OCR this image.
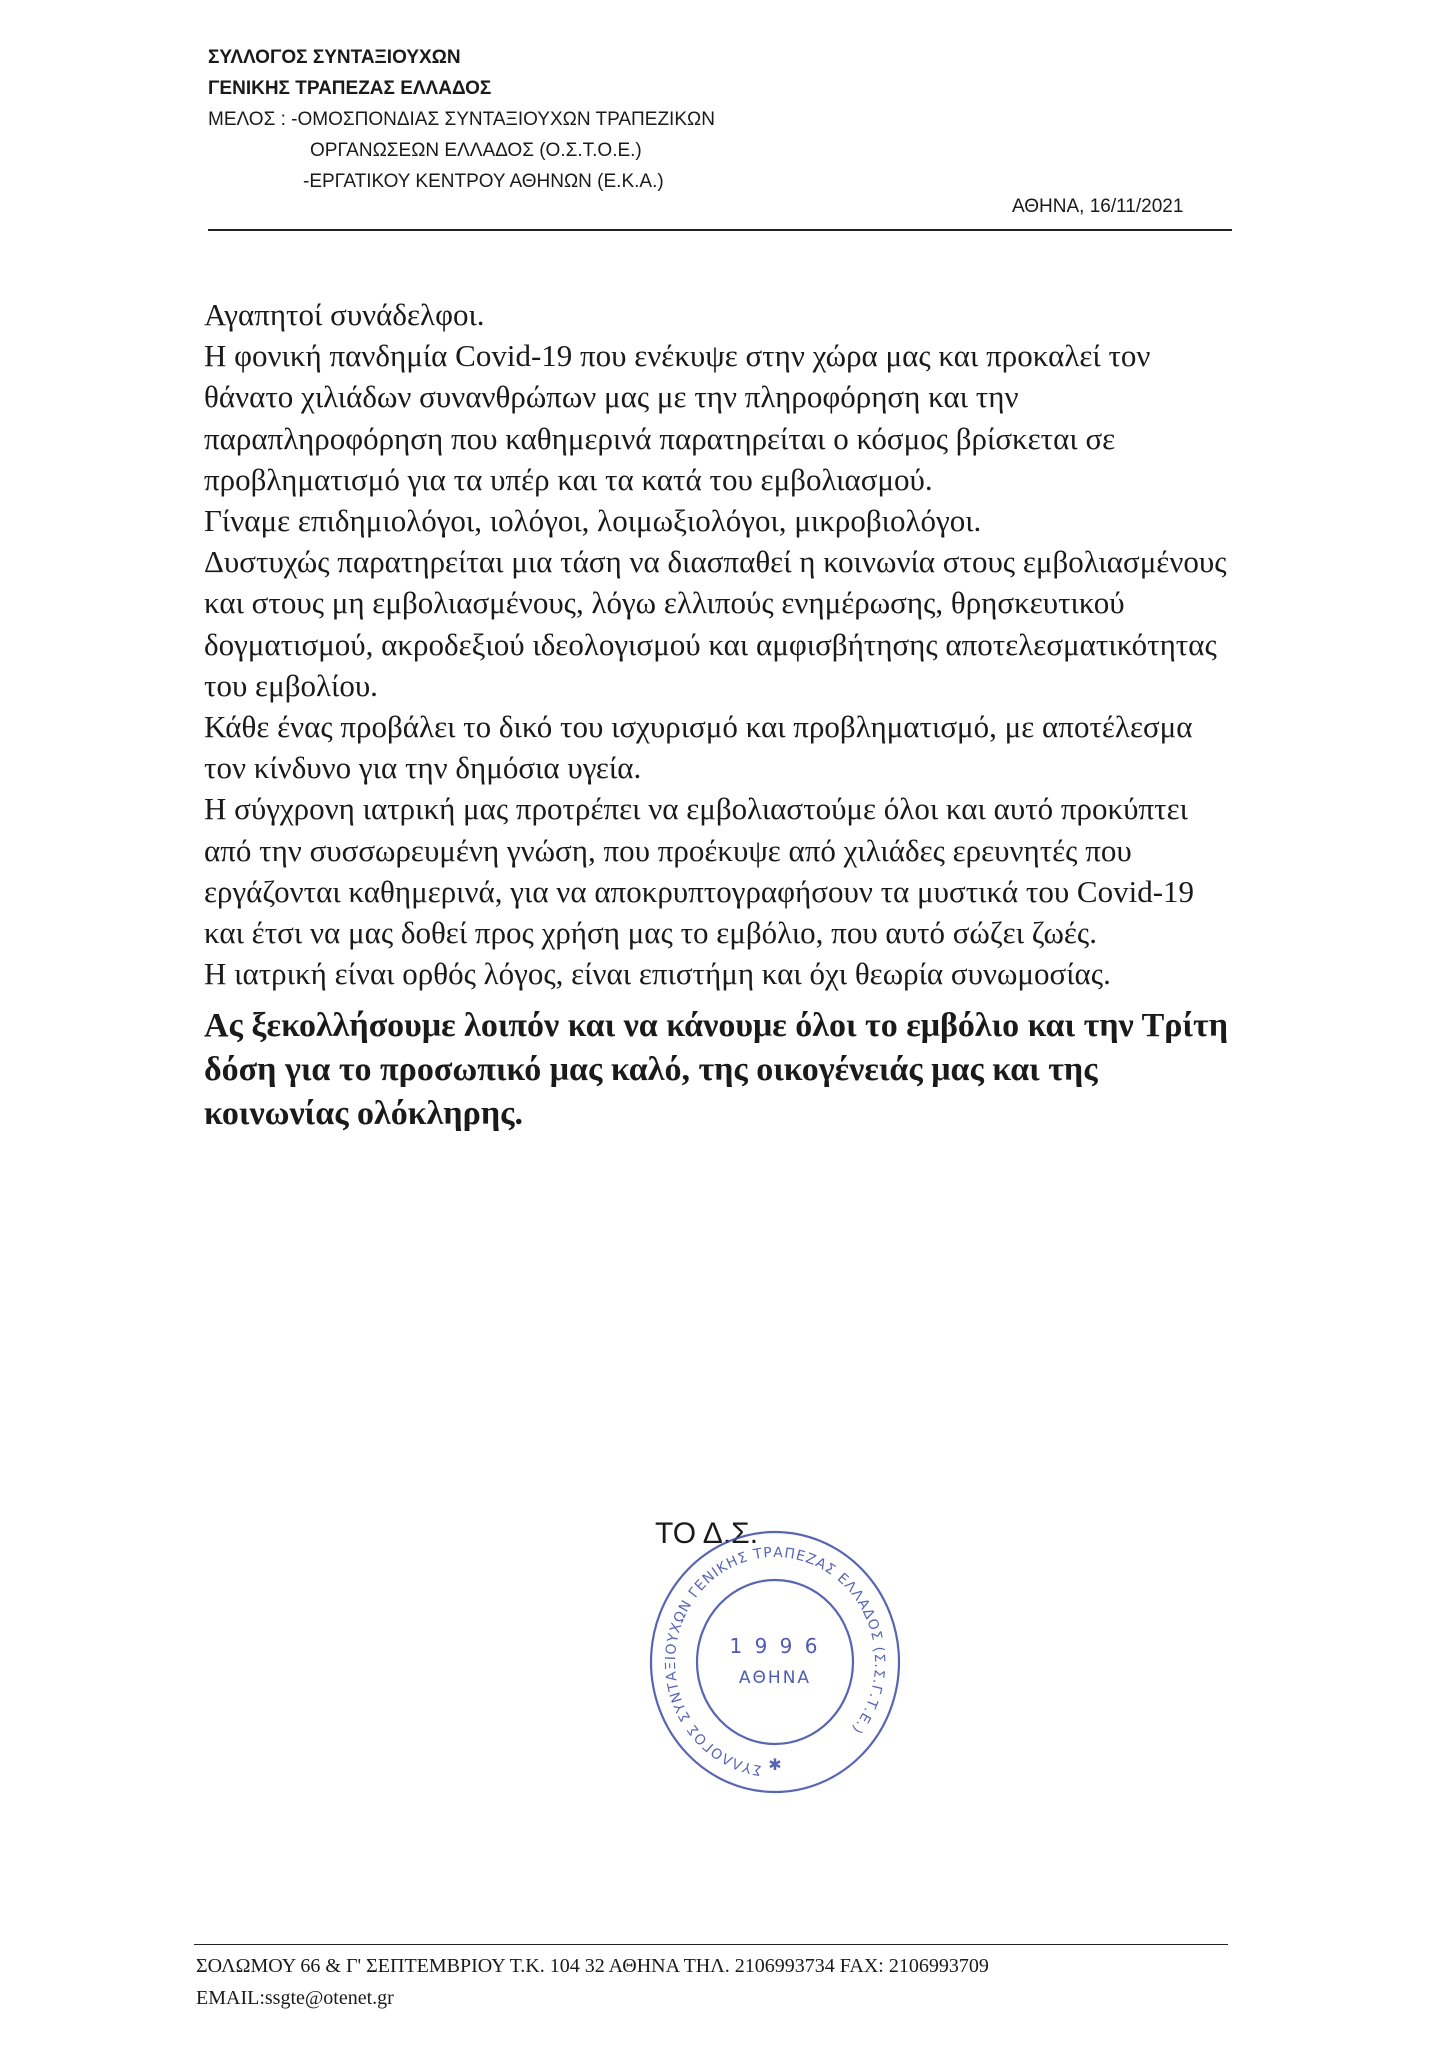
ΣΥΛΛΟΓΟΣ ΣΥΝΤΑΞΙΟΥΧΩΝ
ΓΕΝΙΚΗΣ ΤΡΑΠΕΖΑΣ ΕΛΛΑΔΟΣ
ΜΕΛΟΣ : -ΟΜΟΣΠΟΝΔΙΑΣ ΣΥΝΤΑΞΙΟΥΧΩΝ ΤΡΑΠΕΖΙΚΩΝ
ΟΡΓΑΝΩΣΕΩΝ ΕΛΛΑΔΟΣ (Ο.Σ.Τ.Ο.Ε.)
-ΕΡΓΑΤΙΚΟΥ ΚΕΝΤΡΟΥ ΑΘΗΝΩΝ (Ε.Κ.Α.)
ΑΘΗΝΑ, 16/11/2021

Αγαπητοί συνάδελφοι.

Η φονική πανδημία Covid-19 που ενέκυψε στην χώρα μας και προκαλεί τον θάνατο χιλιάδων συνανθρώπων μας με την πληροφόρηση και την παραπληροφόρηση που καθημερινά παρατηρείται ο κόσμος βρίσκεται σε προβληματισμό για τα υπέρ και τα κατά του εμβολιασμού.

Γίναμε επιδημιολόγοι, ιολόγοι, λοιμωξιολόγοι, μικροβιολόγοι.

Δυστυχώς παρατηρείται μια τάση να διασπαθεί η κοινωνία στους εμβολιασμένους και στους μη εμβολιασμένους, λόγω ελλιπούς ενημέρωσης, θρησκευτικού δογματισμού, ακροδεξιού ιδεολογισμού και αμφισβήτησης αποτελεσματικότητας του εμβολίου.

Κάθε ένας προβάλει το δικό του ισχυρισμό και προβληματισμό, με αποτέλεσμα τον κίνδυνο για την δημόσια υγεία.

Η σύγχρονη ιατρική μας προτρέπει να εμβολιαστούμε όλοι και αυτό προκύπτει από την συσσωρευμένη γνώση, που προέκυψε από χιλιάδες ερευνητές που εργάζονται καθημερινά, για να αποκρυπτογραφήσουν τα μυστικά του Covid-19 και έτσι να μας δοθεί προς χρήση μας το εμβόλιο, που αυτό σώζει ζωές.

Η ιατρική είναι ορθός λόγος, είναι επιστήμη και όχι θεωρία συνωμοσίας.

Ας ξεκολλήσουμε λοιπόν και να κάνουμε όλοι το εμβόλιο και την Τρίτη δόση για το προσωπικό μας καλό, της οικογένειάς μας και της κοινωνίας ολόκληρης.

ΤΟ Δ.Σ.
ΣΥΛΛΟΓΟΣ ΣΥΝΤΑΞΙΟΥΧΩΝ ΓΕΝΙΚΗΣ ΤΡΑΠΕΖΑΣ ΕΛΛΑΔΟΣ (Σ.Σ.Γ.Τ.Ε.)
1 9 9 6
ΑΘΗΝΑ
✱
ΣΟΛΩΜΟΥ 66 & Γ' ΣΕΠΤΕΜΒΡΙΟΥ Τ.Κ. 104 32 ΑΘΗΝΑ ΤΗΛ. 2106993734 FAX: 2106993709
EMAIL:ssgte@otenet.gr
